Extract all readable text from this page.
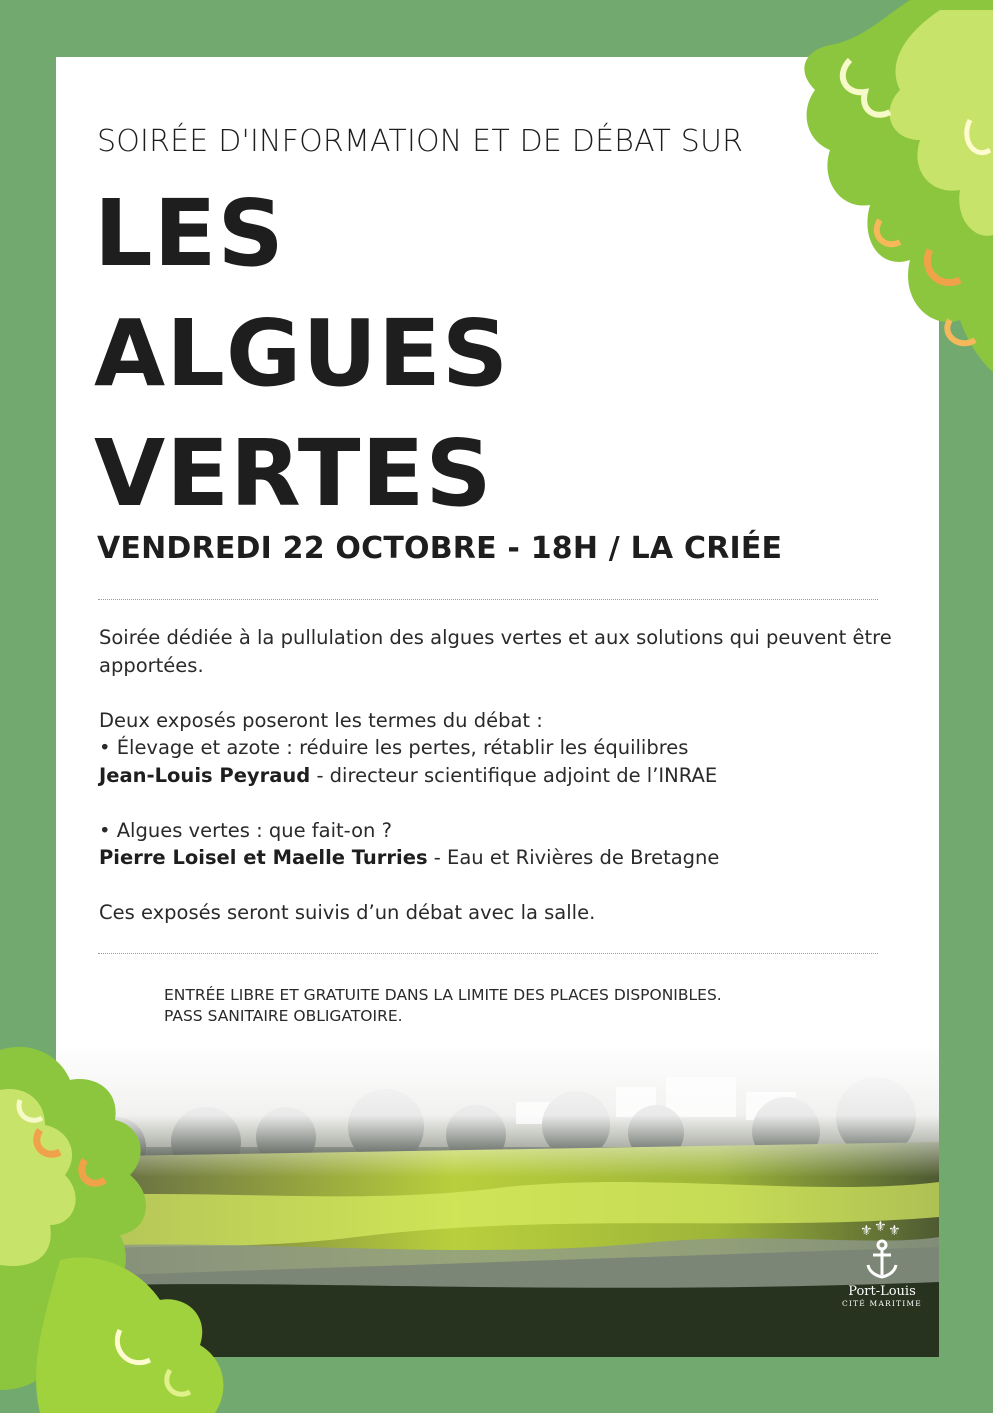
SOIRÉE D'INFORMATION ET DE DÉBAT SUR

LES
ALGUES
VERTES

VENDREDI 22 OCTOBRE - 18H / LA CRIÉE

Soirée dédiée à la pullulation des algues vertes et aux solutions qui peuvent être apportées.

Deux exposés poseront les termes du débat :

• Élevage et azote : réduire les pertes, rétablir les équilibres

Jean-Louis Peyraud - directeur scientifique adjoint de l’INRAE

• Algues vertes : que fait-on ?

Pierre Loisel et Maelle Turries - Eau et Rivières de Bretagne

Ces exposés seront suivis d’un débat avec la salle.

ENTRÉE LIBRE ET GRATUITE DANS LA LIMITE DES PLACES DISPONIBLES.
PASS SANITAIRE OBLIGATOIRE.
⚜ ⚜ ⚜
Port-Louis
CITÉ MARITIME
